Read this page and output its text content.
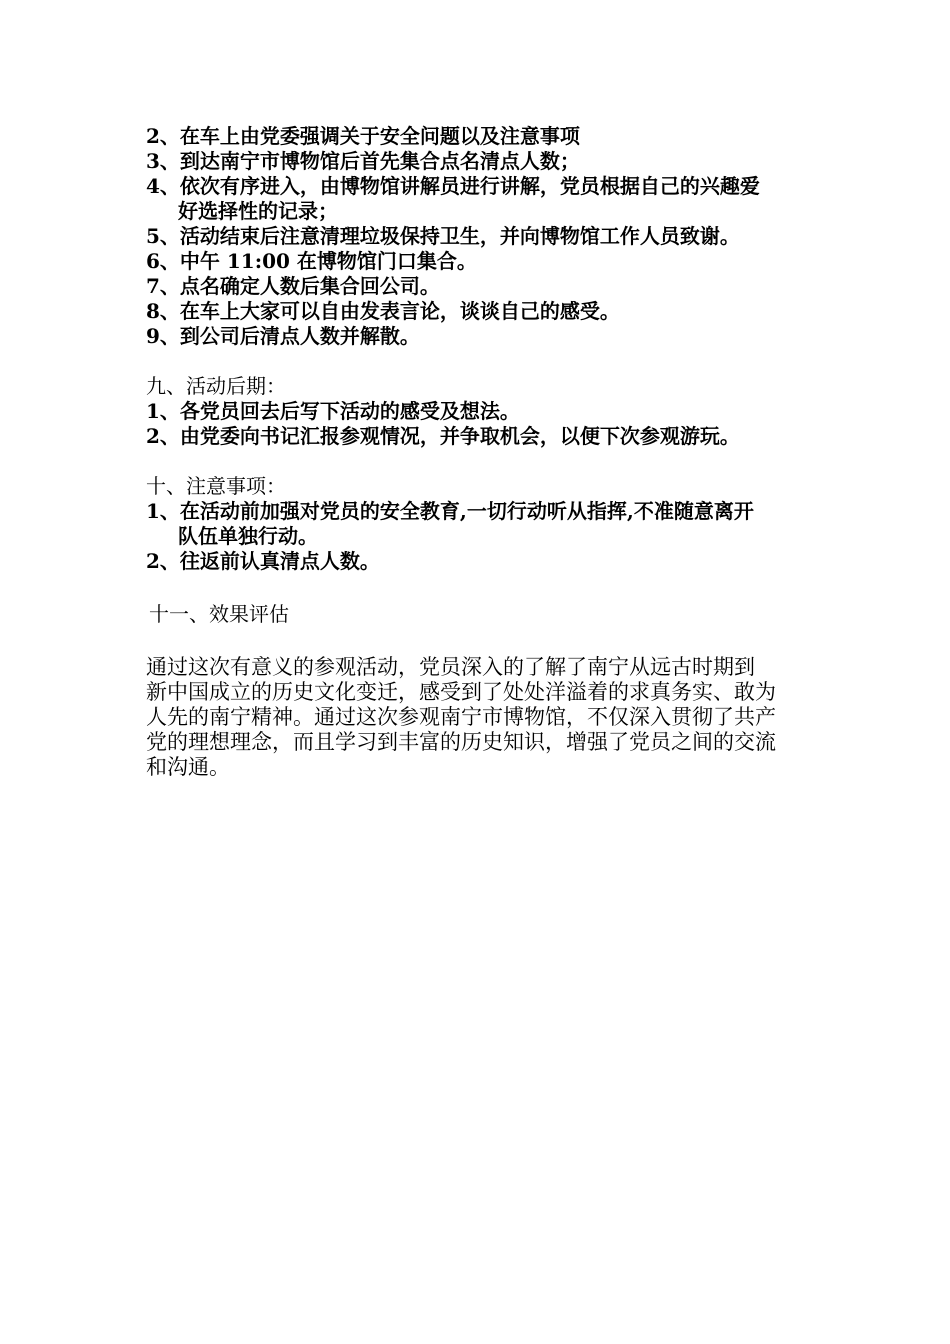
2、在车上由党委强调关于安全问题以及注意事项
3、到达南宁市博物馆后首先集合点名清点人数；
4、依次有序进入，由博物馆讲解员进行讲解，党员根据自己的兴趣爱
好选择性的记录；
5、活动结束后注意清理垃圾保持卫生，并向博物馆工作人员致谢。
6、中午 11:00 在博物馆门口集合。
7、点名确定人数后集合回公司。
8、在车上大家可以自由发表言论，谈谈自己的感受。
9、到公司后清点人数并解散。
九、活动后期：
1、各党员回去后写下活动的感受及想法。
2、由党委向书记汇报参观情况，并争取机会，以便下次参观游玩。
十、注意事项：
1、在活动前加强对党员的安全教育,一切行动听从指挥,不准随意离开
队伍单独行动。
2、往返前认真清点人数。
十一、效果评估
通过这次有意义的参观活动，党员深入的了解了南宁从远古时期到
新中国成立的历史文化变迁，感受到了处处洋溢着的求真务实、敢为
人先的南宁精神。通过这次参观南宁市博物馆，不仅深入贯彻了共产
党的理想理念，而且学习到丰富的历史知识，增强了党员之间的交流
和沟通。
